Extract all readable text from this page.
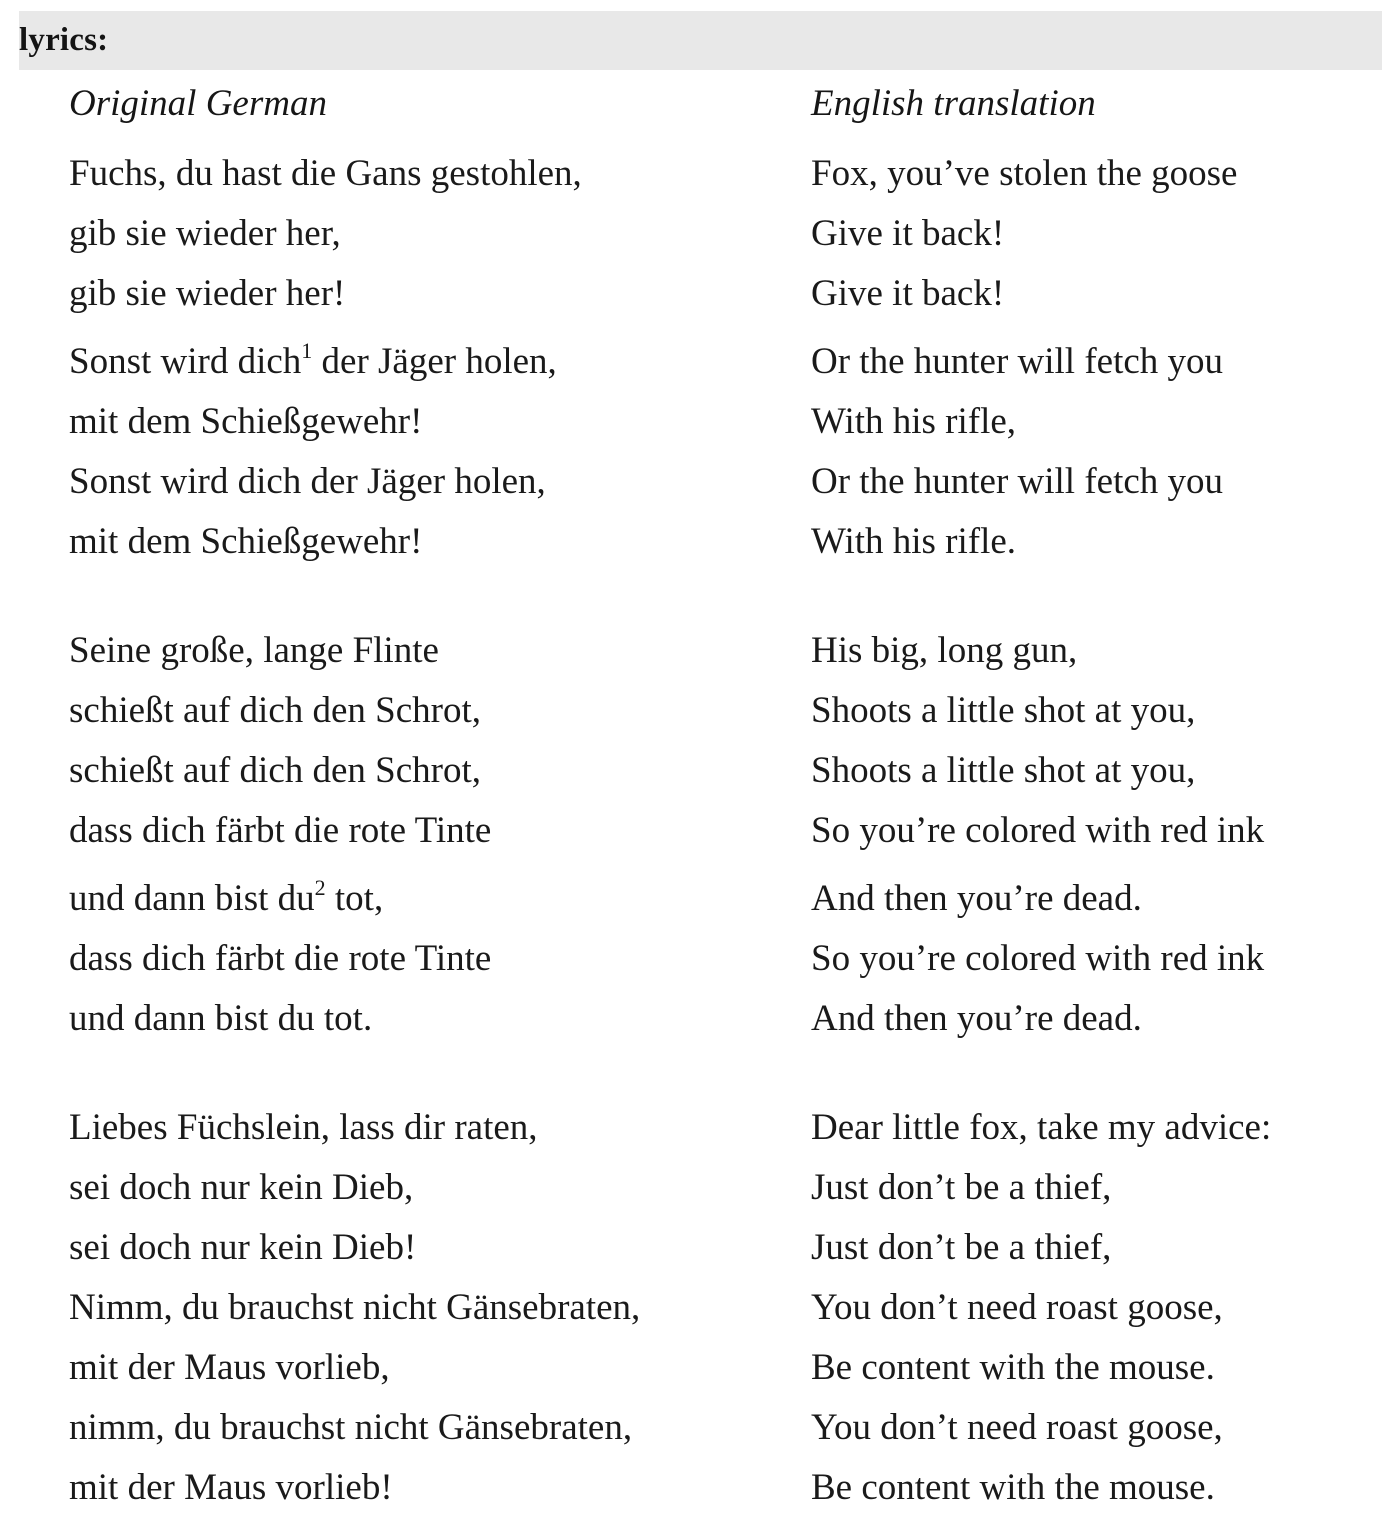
lyrics:
Original German
Fuchs, du hast die Gans gestohlen,
gib sie wieder her,
gib sie wieder her!
Sonst wird dich$^1$ der Jäger holen,
mit dem Schießgewehr!
Sonst wird dich der Jäger holen,
mit dem Schießgewehr!
Seine große, lange Flinte
schießt auf dich den Schrot,
schießt auf dich den Schrot,
dass dich färbt die rote Tinte
und dann bist $du^2$ tot,
dass dich färbt die rote Tinte
und dann bist du tot.
Liebes Füchslein, lass dir raten,
sei doch nur kein Dieb,
sei doch nur kein Dieb!
Nimm, du brauchst nicht Gänsebraten,
mit der Maus vorlieb,
nimm, du brauchst nicht Gänsebraten,
mit der Maus vorlieb!
English translation
Fox, you’ve stolen the goose
Give it back!
Give it back!
Or the hunter will fetch you
With his rifle,
Or the hunter will fetch you
With his rifle.
His big, long gun,
Shoots a little shot at you,
Shoots a little shot at you,
So you’re colored with red ink
And then you’re dead.
So you’re colored with red ink
And then you’re dead.
Dear little fox, take my advice:
Just don’t be a thief,
Just don’t be a thief,
You don’t need roast goose,
Be content with the mouse.
You don’t need roast goose,
Be content with the mouse.
